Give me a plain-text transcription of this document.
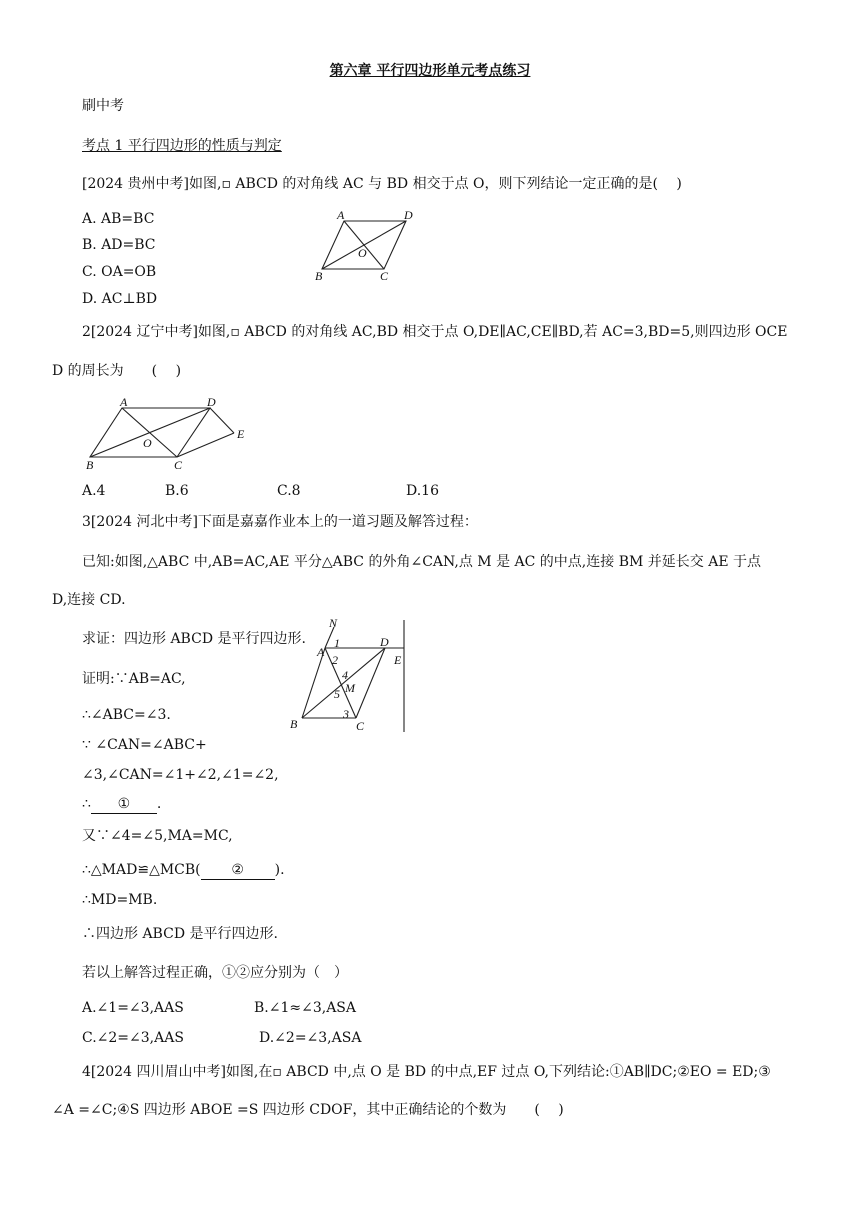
第六章 平行四边形单元考点练习
刷中考
考点 1 平行四边形的性质与判定
[2024 贵州中考]如图,▫ ABCD 的对角线 AC 与 BD 相交于点 O，则下列结论一定正确的是(　 )
A. AB=BC
B. AD=BC
C. OA=OB
D. AC⊥BD
A	D
O
B	C
2[2024 辽宁中考]如图,▫ ABCD 的对角线 AC,BD 相交于点 O,DE∥AC,CE∥BD,若 AC=3,BD=5,则四边形 OCE
D 的周长为　　(　 )
A	D
E
O
B	C
A.4	B.6	C.8	D.16
3[2024 河北中考]下面是嘉嘉作业本上的一道习题及解答过程：
已知:如图,△ABC 中,AB=AC,AE 平分△ABC 的外角∠CAN,点 M 是 AC 的中点,连接 BM 并延长交 AE 于点
D,连接 CD.
求证：四边形 ABCD 是平行四边形.
N
A
1
2
D
E
4
M
5
3
B	C
证明:∵AB=AC,
∴∠ABC=∠3.
∵ ∠CAN=∠ABC+
∠3,∠CAN=∠1+∠2,∠1=∠2,
∴ ① .
又∵∠4=∠5,MA=MC,
∴△MAD≌△MCB( ② ).
∴MD=MB.
∴四边形 ABCD 是平行四边形.
若以上解答过程正确，①②应分别为（　）
A.∠1=∠3,AAS	B.∠1≈∠3,ASA
C.∠2=∠3,AAS	D.∠2=∠3,ASA
4[2024 四川眉山中考]如图,在▫ ABCD 中,点 O 是 BD 的中点,EF 过点 O,下列结论:①AB∥DC;②EO = ED;③
∠A =∠C;④S 四边形 ABOE =S 四边形 CDOF，其中正确结论的个数为　　(　 )
